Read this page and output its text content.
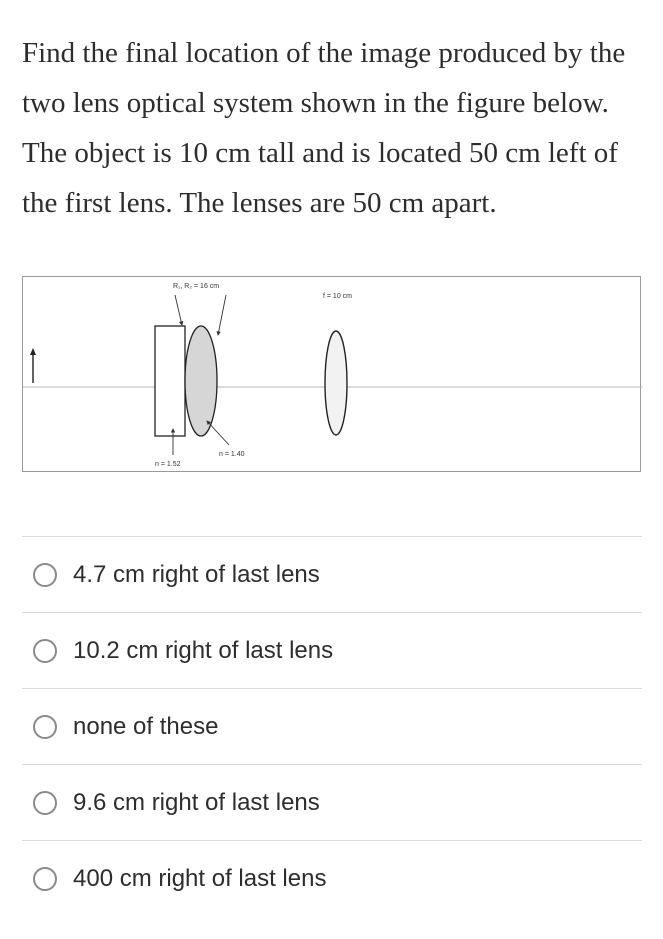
Find the final location of the image produced by the two lens optical system shown in the figure below. The object is 10 cm tall and is located 50 cm left of the first lens. The lenses are 50 cm apart.

R₁, R₂ = 16 cm
f = 10 cm
n = 1.52
n = 1.40
4.7 cm right of last lens
10.2 cm right of last lens
none of these
9.6 cm right of last lens
400 cm right of last lens
